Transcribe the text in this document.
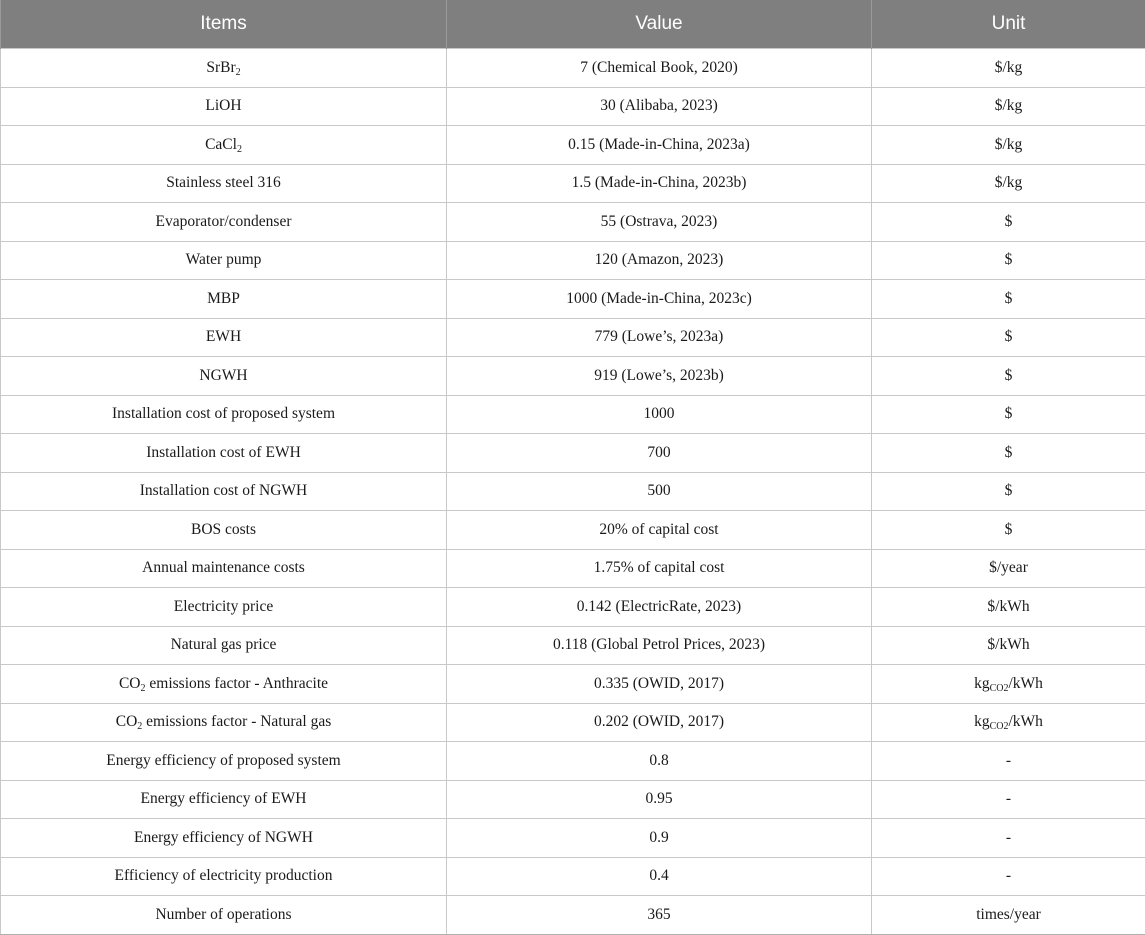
Items	Value	Unit
SrBr$_2$	7 (Chemical Book, 2020)	$/kg
LiOH	30 (Alibaba, 2023)	$/kg
CaCl$_2$	0.15 (Made-in-China, 2023a)	$/kg
Stainless steel 316	1.5 (Made-in-China, 2023b)	$/kg
Evaporator/condenser	55 (Ostrava, 2023)	$
Water pump	120 (Amazon, 2023)	$
MBP	1000 (Made-in-China, 2023c)	$
EWH	779 (Lowe’s, 2023a)	$
NGWH	919 (Lowe’s, 2023b)	$
Installation cost of proposed system	1000	$
Installation cost of EWH	700	$
Installation cost of NGWH	500	$
BOS costs	20% of capital cost	$
Annual maintenance costs	1.75% of capital cost	$/year
Electricity price	0.142 (ElectricRate, 2023)	$/kWh
Natural gas price	0.118 (Global Petrol Prices, 2023)	$/kWh
$CO_2$ emissions factor - Anthracite	0.335 (OWID, 2017)	$kg_{CO2}$/kWh
$CO_2$ emissions factor - Natural gas	0.202 (OWID, 2017)	$kg_{CO2}$/kWh
Energy efficiency of proposed system	0.8	-
Energy efficiency of EWH	0.95	-
Energy efficiency of NGWH	0.9	-
Efficiency of electricity production	0.4	-
Number of operations	365	times/year
